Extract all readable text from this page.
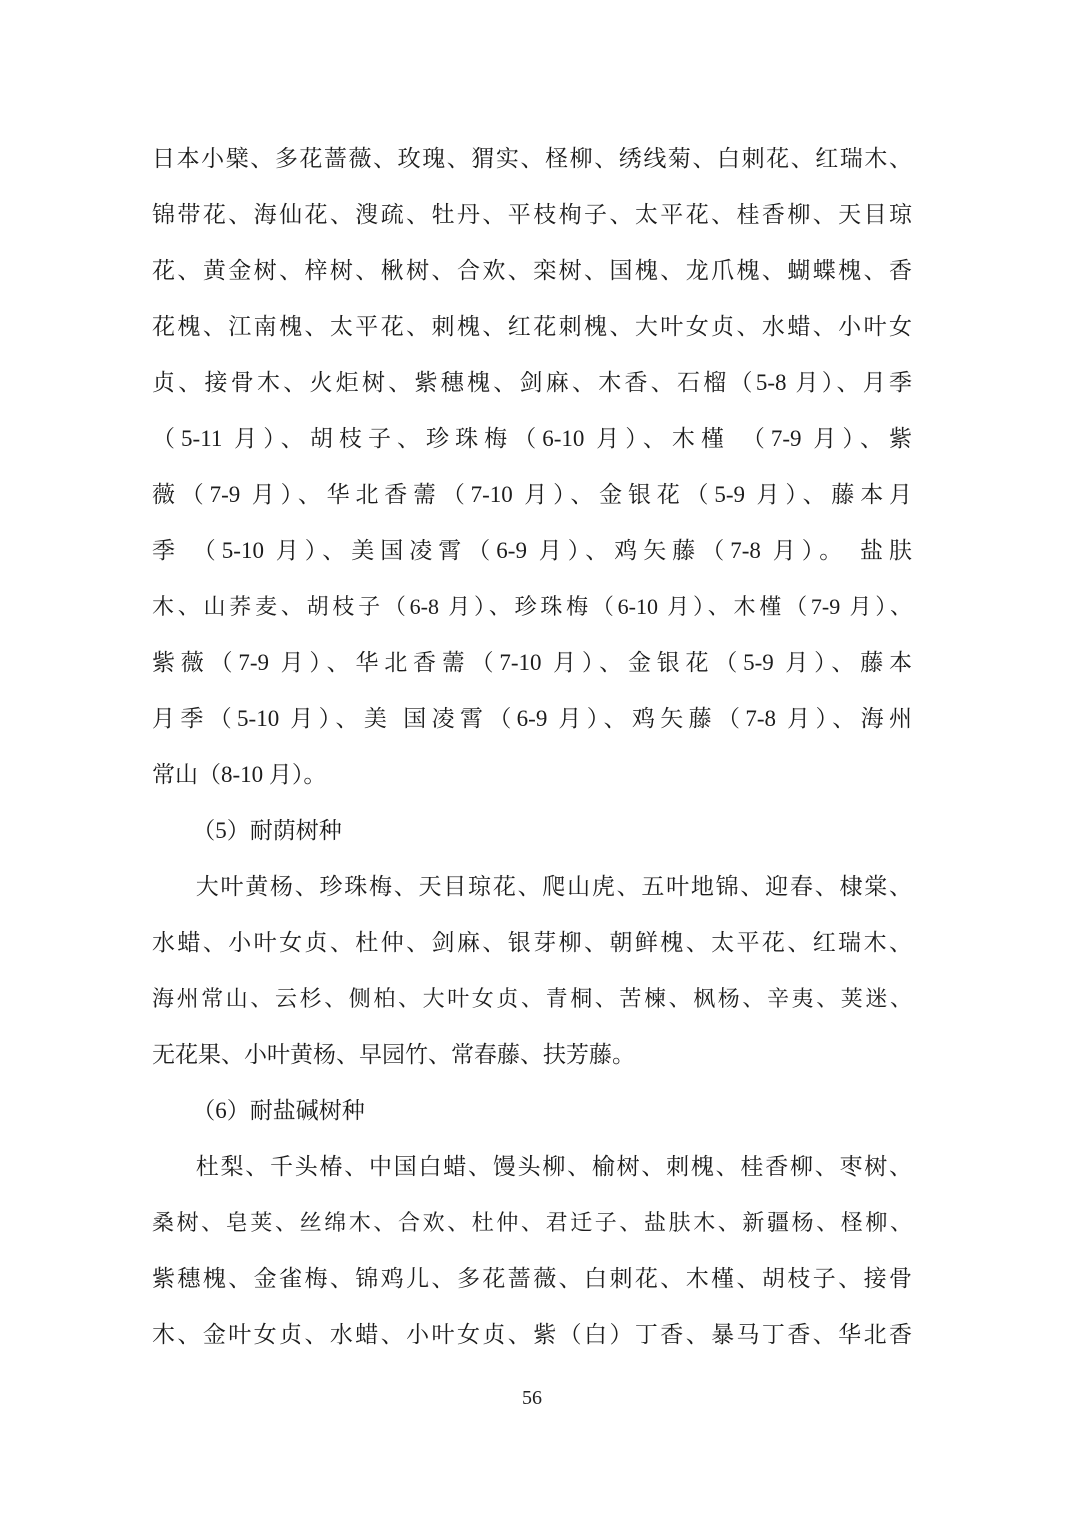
日本小檗、多花蔷薇、玫瑰、猬实、柽柳、绣线菊、白刺花、红瑞木、
锦带花、海仙花、溲疏、牡丹、平枝栒子、太平花、桂香柳、天目琼
花、黄金树、梓树、楸树、合欢、栾树、国槐、龙爪槐、蝴蝶槐、香
花槐、江南槐、太平花、刺槐、红花刺槐、大叶女贞、水蜡、小叶女
贞、接骨木、火炬树、紫穗槐、剑麻、木香、石榴（5-8 月）、月季
（5-11 月）、胡枝子、珍珠梅（6-10 月）、木槿 （7-9 月）、紫
薇（7-9 月）、华北香薷（7-10 月）、金银花（5-9 月）、藤本月
季 （5-10 月）、美国凌霄（6-9 月）、鸡矢藤（7-8 月）。 盐肤
木、山荞麦、胡枝子（6-8 月）、珍珠梅（6-10 月）、木槿（7-9 月）、
紫薇（7-9 月）、华北香薷（7-10 月）、金银花（5-9 月）、藤本
月季（5-10 月）、美 国凌霄（6-9 月）、鸡矢藤（7-8 月）、海州
常山（8-10 月）。
（5）耐荫树种
大叶黄杨、珍珠梅、天目琼花、爬山虎、五叶地锦、迎春、棣棠、
水蜡、小叶女贞、杜仲、剑麻、银芽柳、朝鲜槐、太平花、红瑞木、
海州常山、云杉、侧柏、大叶女贞、青桐、苦楝、枫杨、辛夷、荚迷、
无花果、小叶黄杨、早园竹、常春藤、扶芳藤。
（6）耐盐碱树种
杜梨、千头椿、中国白蜡、馒头柳、榆树、刺槐、桂香柳、枣树、
桑树、皂荚、丝绵木、合欢、杜仲、君迁子、盐肤木、新疆杨、柽柳、
紫穗槐、金雀梅、锦鸡儿、多花蔷薇、白刺花、木槿、胡枝子、接骨
木、金叶女贞、水蜡、小叶女贞、紫（白）丁香、暴马丁香、华北香
56
